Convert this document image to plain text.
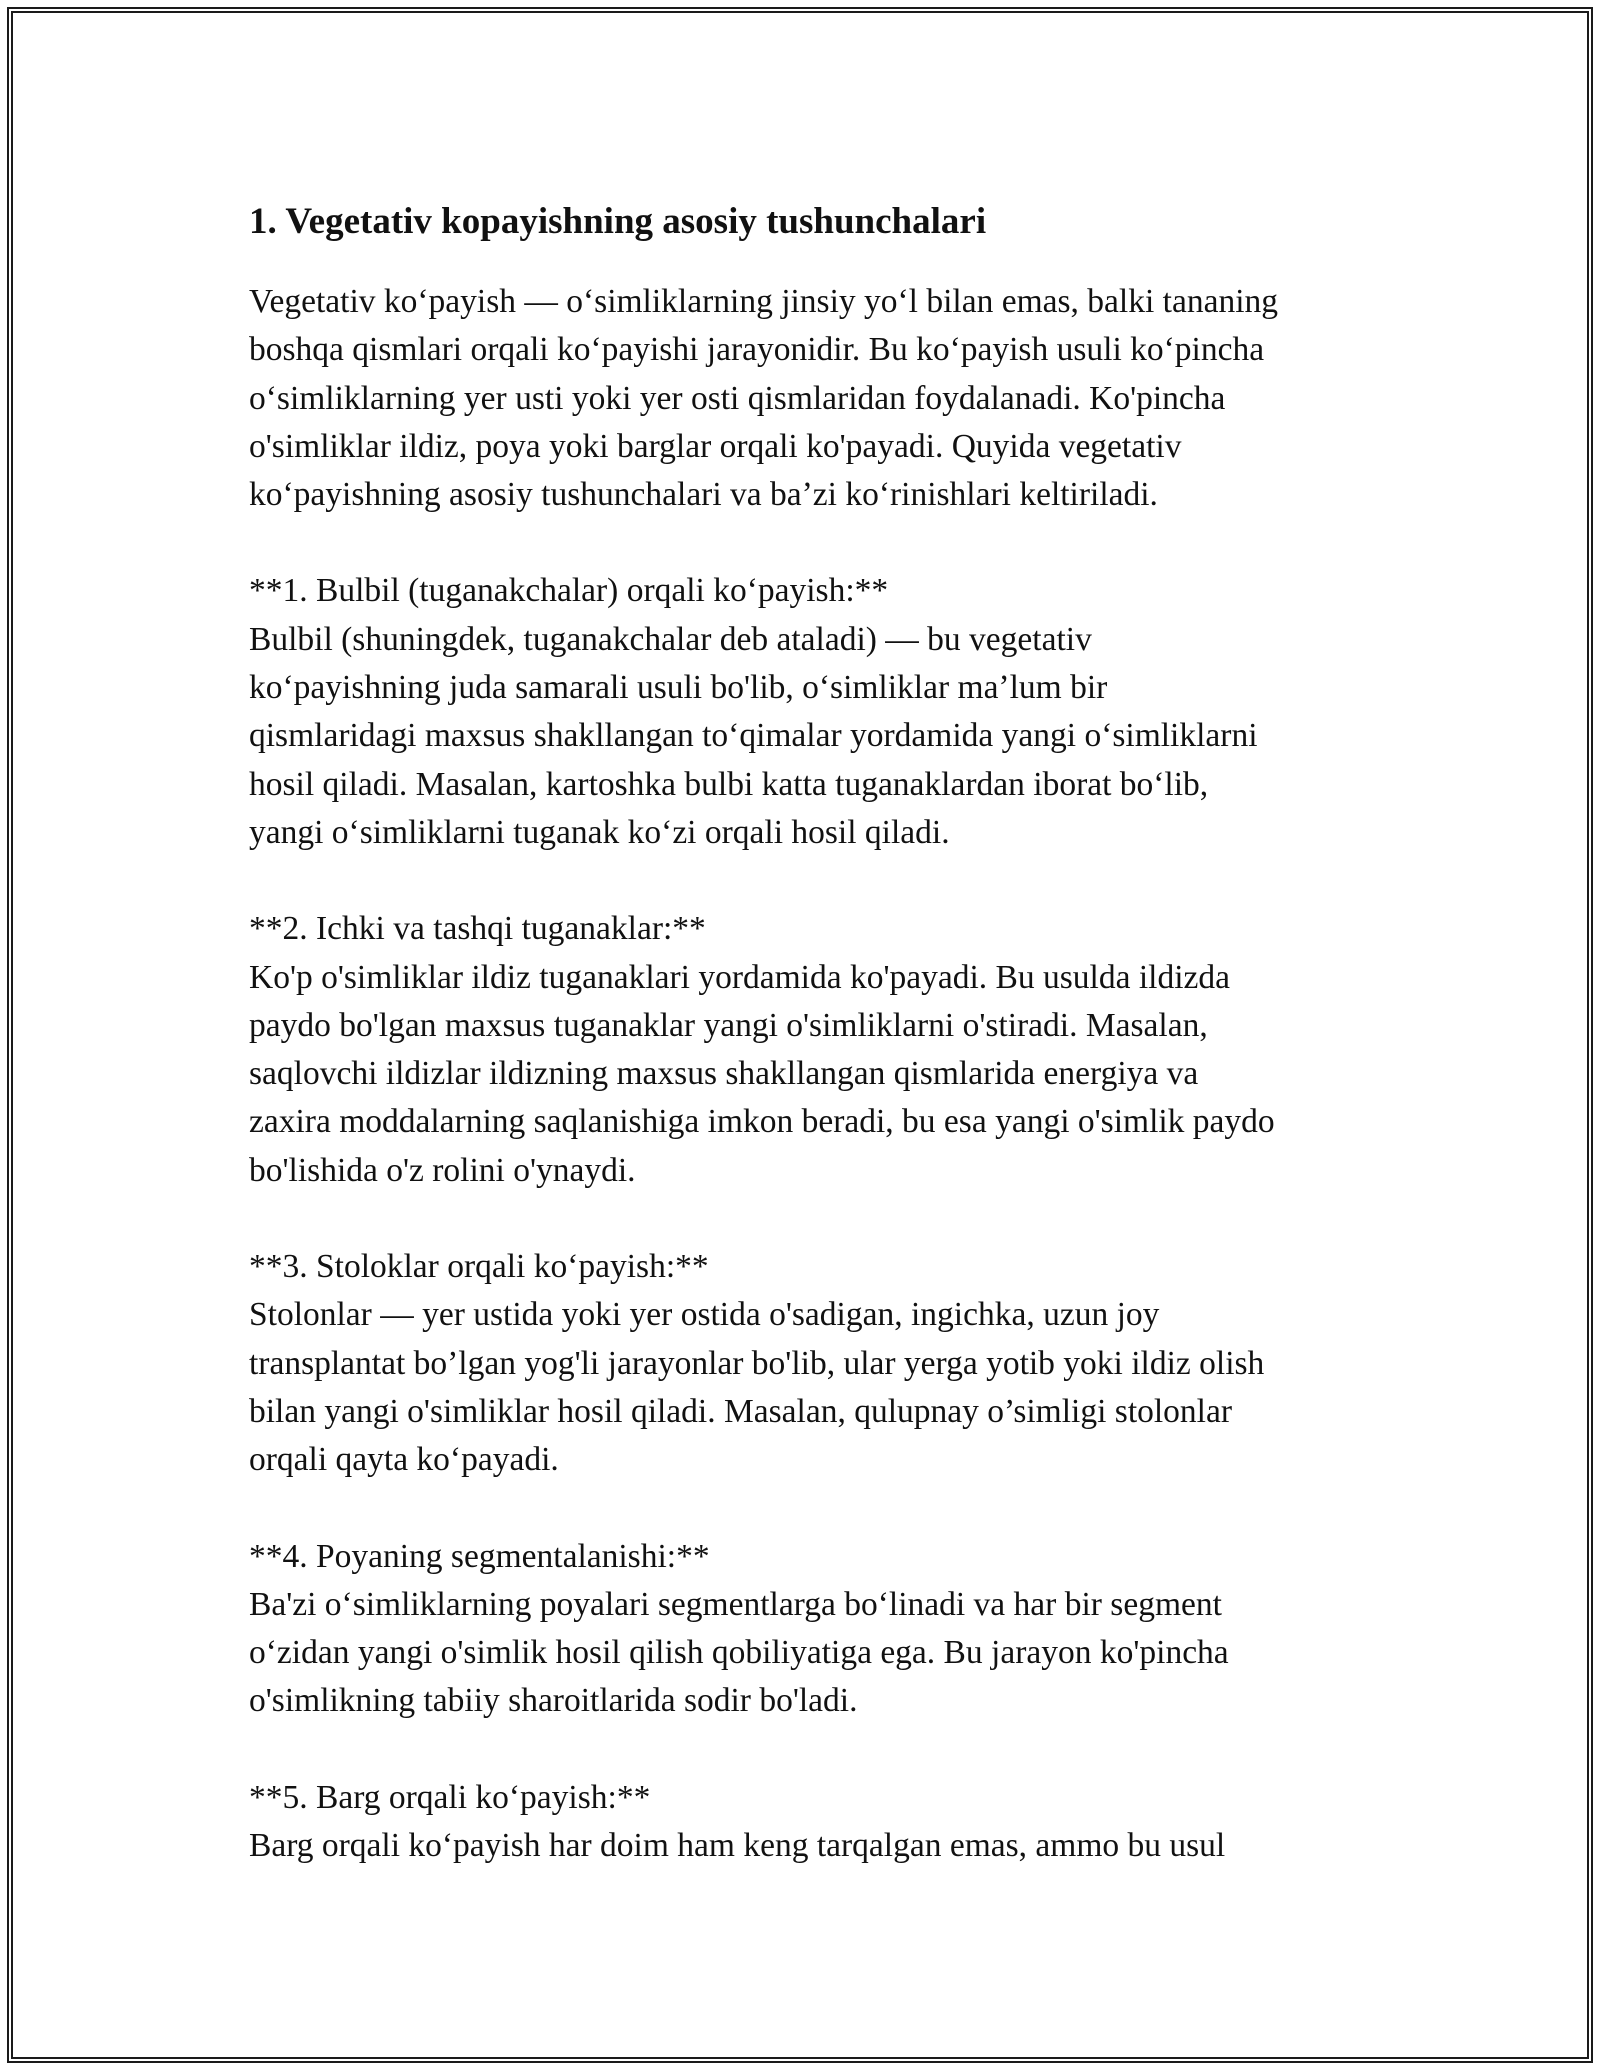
1. Vegetativ kopayishning asosiy tushunchalari

Vegetativ koʻpayish — oʻsimliklarning jinsiy yoʻl bilan emas, balki tananing
boshqa qismlari orqali koʻpayishi jarayonidir. Bu koʻpayish usuli koʻpincha
oʻsimliklarning yer usti yoki yer osti qismlaridan foydalanadi. Ko'pincha
o'simliklar ildiz, poya yoki barglar orqali ko'payadi. Quyida vegetativ
koʻpayishning asosiy tushunchalari va baʼzi koʻrinishlari keltiriladi.

**1. Bulbil (tuganakchalar) orqali koʻpayish:**
Bulbil (shuningdek, tuganakchalar deb ataladi) — bu vegetativ
koʻpayishning juda samarali usuli bo'lib, oʻsimliklar maʼlum bir
qismlaridagi maxsus shakllangan toʻqimalar yordamida yangi oʻsimliklarni
hosil qiladi. Masalan, kartoshka bulbi katta tuganaklardan iborat boʻlib,
yangi oʻsimliklarni tuganak koʻzi orqali hosil qiladi.

**2. Ichki va tashqi tuganaklar:**
Ko'p o'simliklar ildiz tuganaklari yordamida ko'payadi. Bu usulda ildizda
paydo bo'lgan maxsus tuganaklar yangi o'simliklarni o'stiradi. Masalan,
saqlovchi ildizlar ildizning maxsus shakllangan qismlarida energiya va
zaxira moddalarning saqlanishiga imkon beradi, bu esa yangi o'simlik paydo
bo'lishida o'z rolini o'ynaydi.

**3. Stoloklar orqali koʻpayish:**
Stolonlar — yer ustida yoki yer ostida o'sadigan, ingichka, uzun joy
transplantat bo’lgan yog'li jarayonlar bo'lib, ular yerga yotib yoki ildiz olish
bilan yangi o'simliklar hosil qiladi. Masalan, qulupnay o’simligi stolonlar
orqali qayta koʻpayadi.

**4. Poyaning segmentalanishi:**
Ba'zi oʻsimliklarning poyalari segmentlarga boʻlinadi va har bir segment
oʻzidan yangi o'simlik hosil qilish qobiliyatiga ega. Bu jarayon ko'pincha
o'simlikning tabiiy sharoitlarida sodir bo'ladi.

**5. Barg orqali koʻpayish:**
Barg orqali koʻpayish har doim ham keng tarqalgan emas, ammo bu usul
